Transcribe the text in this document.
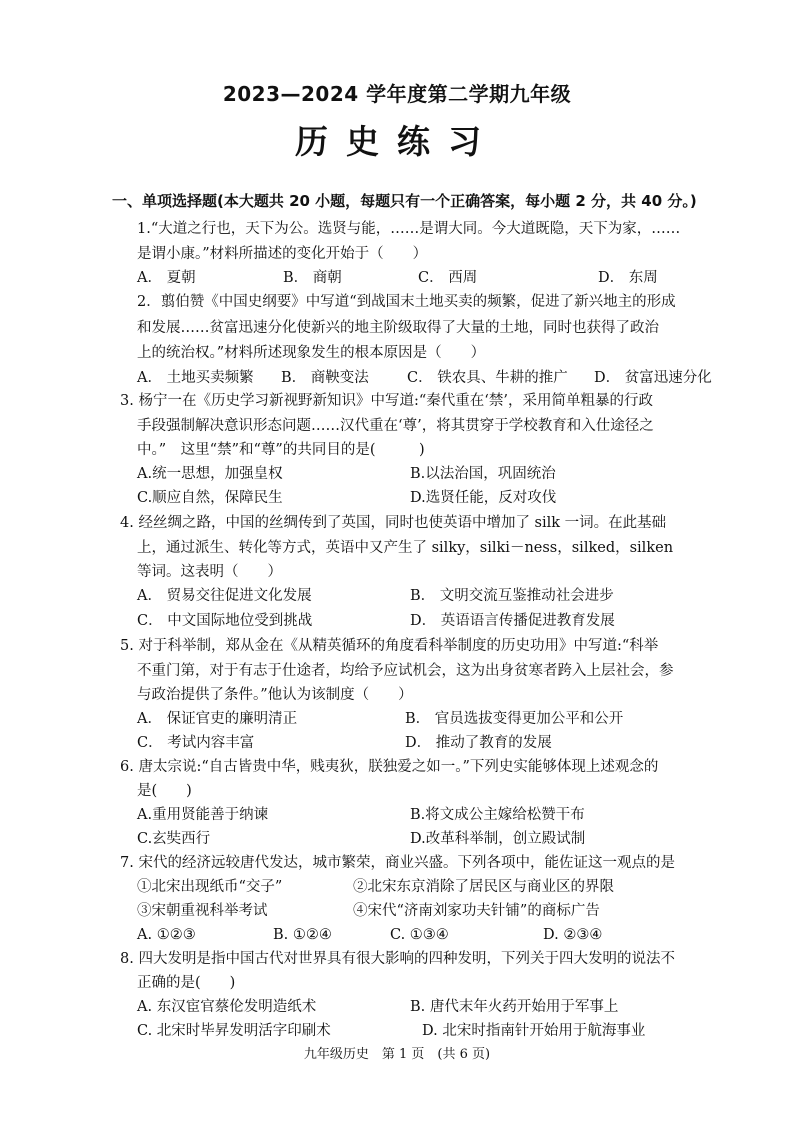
2023—2024 学年度第二学期九年级
历史练习
一、单项选择题(本大题共 20 小题，每题只有一个正确答案，每小题 2 分，共 40 分。)
1.“大道之行也，天下为公。选贤与能，……是谓大同。今大道既隐，天下为家，……
是谓小康。”材料所描述的变化开始于（　　）
A． 夏朝	B． 商朝	C． 西周	D． 东周
2．翦伯赞《中国史纲要》中写道“到战国末土地买卖的频繁，促进了新兴地主的形成
和发展……贫富迅速分化使新兴的地主阶级取得了大量的土地，同时也获得了政治
上的统治权。”材料所述现象发生的根本原因是（　　）
A． 土地买卖频繁 B． 商鞅变法	C． 铁农具、牛耕的推广 D． 贫富迅速分化
3. 杨宁一在《历史学习新视野新知识》中写道:“秦代重在‘禁’，采用简单粗暴的行政
手段强制解决意识形态问题……汉代重在‘尊’，将其贯穿于学校教育和入仕途径之
中。”　这里“禁”和“尊”的共同目的是(　　　)
A.统一思想，加强皇权	B.以法治国，巩固统治
C.顺应自然，保障民生	D.选贤任能，反对攻伐
4. 经丝绸之路，中国的丝绸传到了英国，同时也使英语中增加了 silk 一词。在此基础
上，通过派生、转化等方式，英语中又产生了 silky，silki－ness，silked，silken
等词。这表明（　　）
A． 贸易交往促进文化发展	B． 文明交流互鉴推动社会进步
C． 中文国际地位受到挑战	D． 英语语言传播促进教育发展
5. 对于科举制，郑从金在《从精英循环的角度看科举制度的历史功用》中写道:“科举
不重门第，对于有志于仕途者，均给予应试机会，这为出身贫寒者跨入上层社会，参
与政治提供了条件。”他认为该制度（　　）
A． 保证官吏的廉明清正	B． 官员选拔变得更加公平和公开
C． 考试内容丰富	D． 推动了教育的发展
6. 唐太宗说:“自古皆贵中华，贱夷狄，朕独爱之如一。”下列史实能够体现上述观念的
是(　　)
A.重用贤能善于纳谏	B.将文成公主嫁给松赞干布
C.玄奘西行	D.改革科举制，创立殿试制
7. 宋代的经济远较唐代发达，城市繁荣，商业兴盛。下列各项中，能佐证这一观点的是
①北宋出现纸币“交子”	②北宋东京消除了居民区与商业区的界限
③宋朝重视科举考试	④宋代“济南刘家功夫针铺”的商标广告
A. ①②③	B. ①②④	C. ①③④	D. ②③④
8. 四大发明是指中国古代对世界具有很大影响的四种发明，下列关于四大发明的说法不
正确的是(　　)
A. 东汉宦官蔡伦发明造纸术	B. 唐代末年火药开始用于军事上
C. 北宋时毕昇发明活字印刷术	D. 北宋时指南针开始用于航海事业
九年级历史　第 1 页　(共 6 页)
